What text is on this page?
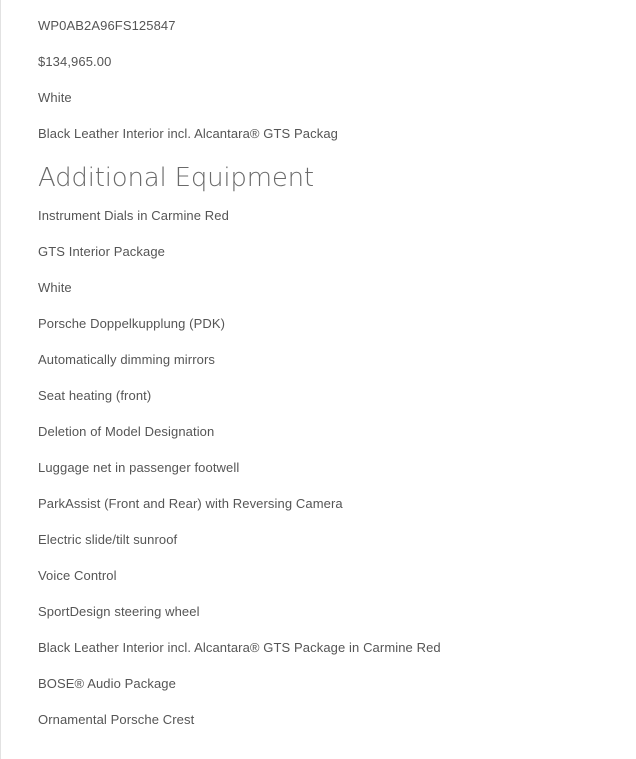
WP0AB2A96FS125847
$134,965.00
White
Black Leather Interior incl. Alcantara® GTS Packag
Additional Equipment
Instrument Dials in Carmine Red
GTS Interior Package
White
Porsche Doppelkupplung (PDK)
Automatically dimming mirrors
Seat heating (front)
Deletion of Model Designation
Luggage net in passenger footwell
ParkAssist (Front and Rear) with Reversing Camera
Electric slide/tilt sunroof
Voice Control
SportDesign steering wheel
Black Leather Interior incl. Alcantara® GTS Package in Carmine Red
BOSE® Audio Package
Ornamental Porsche Crest
